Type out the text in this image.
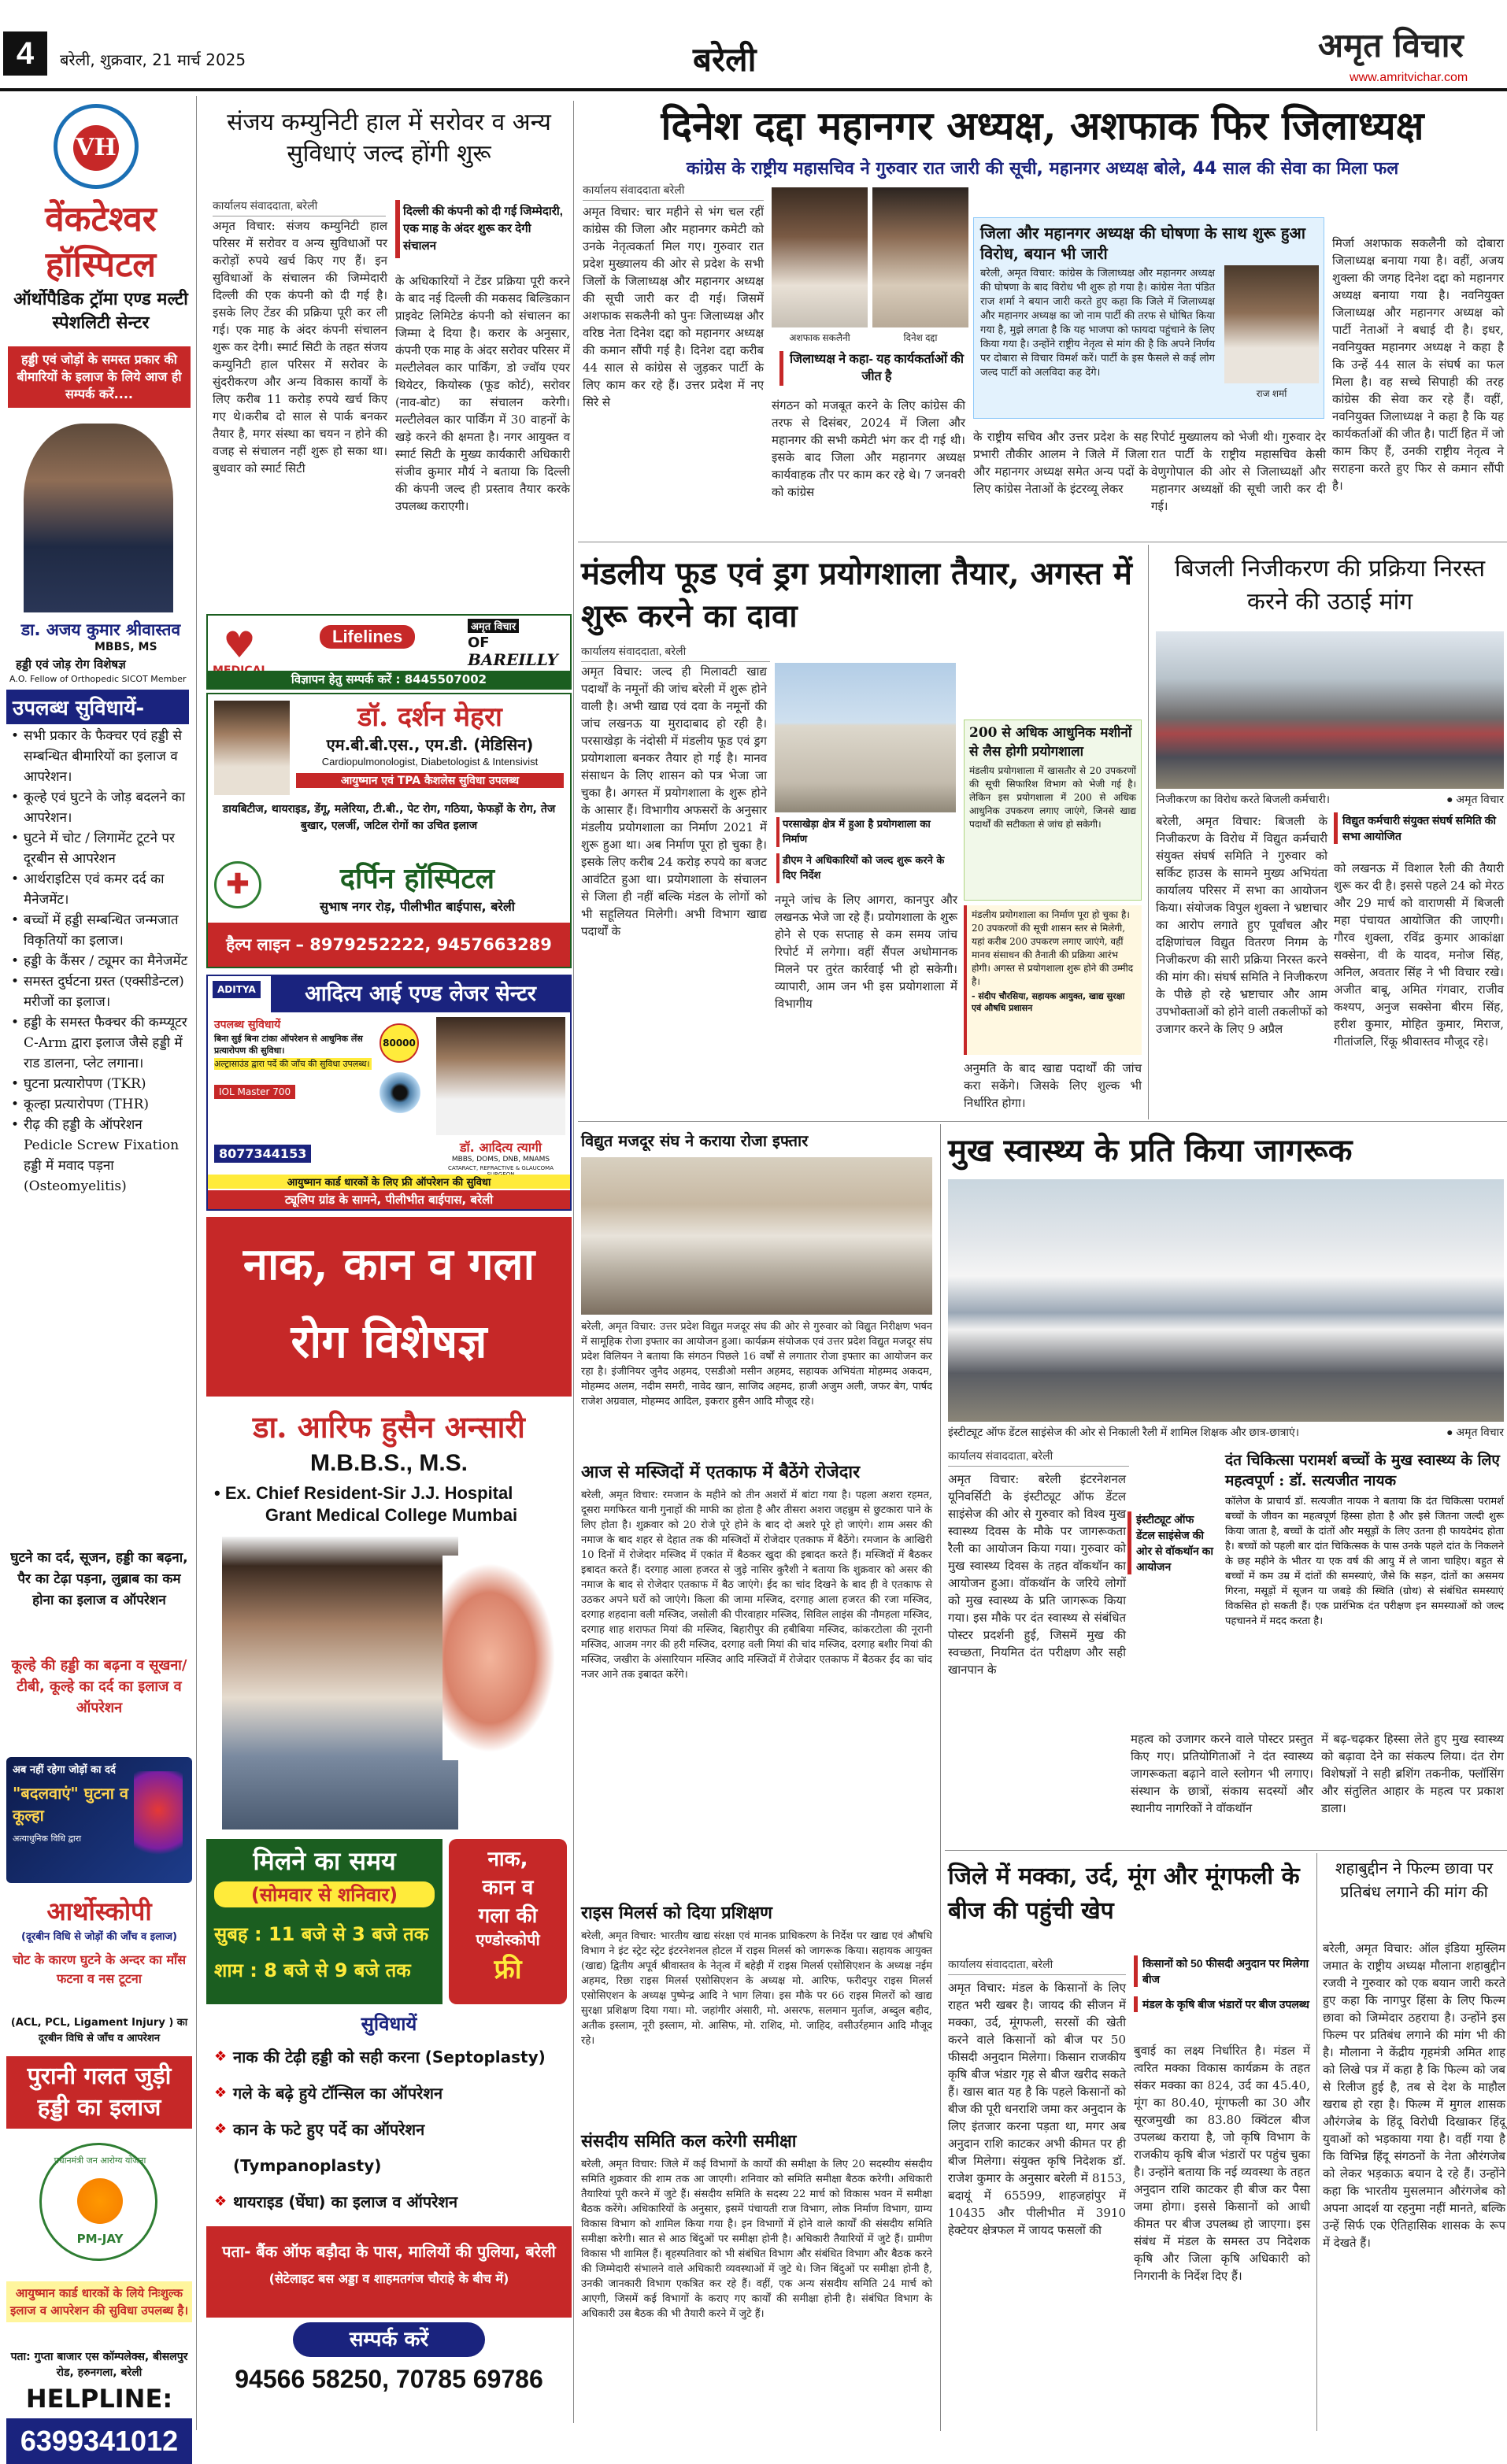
4	बरेली, शुक्रवार, 21 मार्च 2025	बरेली	अमृत विचार
www.amritvichar.com
VH
वेंकटेश्वर
हॉस्पिटल
ऑर्थोपैडिक ट्रॉमा एण्ड मल्टी स्पेशलिटी सेन्टर
हड्डी एवं जोड़ों के समस्त प्रकार की बीमारियों के इलाज के लिये आज ही सम्पर्क करें....
डा. अजय कुमार श्रीवास्तव
MBBS, MS
हड्डी एवं जोड़ रोग विशेषज्ञ
A.O. Fellow of Orthopedic SICOT Member
उपलब्ध सुविधायें-
• सभी प्रकार के फैक्चर एवं हड्डी से सम्बन्धित बीमारियों का इलाज व आपरेशन।
• कूल्हे एवं घुटने के जोड़ बदलने का आपरेशन।
• घुटने में चोट / लिगामेंट टूटने पर दूरबीन से आपरेशन
• आर्थराइटिस एवं कमर दर्द का मैनेजमेंट।
• बच्चों में हड्डी सम्बन्धित जन्मजात विकृतियों का इलाज।
• हड्डी के कैंसर / ट्यूमर का मैनेजमेंट
• समस्त दुर्घटना ग्रस्त (एक्सीडेन्टल) मरीजों का इलाज।
• हड्डी के समस्त फैक्चर की कम्प्यूटर C-Arm द्वारा इलाज जैसे हड्डी में राड डालना, प्लेट लगाना।
• घुटना प्रत्यारोपण (TKR)
• कूल्हा प्रत्यारोपण (THR)
• रीढ़ की हड्डी के ऑपरेशन Pedicle Screw Fixation हड्डी में मवाद पड़ना (Osteomyelitis)
घुटने का दर्द, सूजन, हड्डी का बढ़ना, पैर का टेढ़ा पड़ना, लुब्राब का कम होना का इलाज व ऑपरेशन
कूल्हे की हड्डी का बढ़ना व सूखना/ टीबी, कूल्हे का दर्द का इलाज व ऑपरेशन
अब नहीं रहेगा जोड़ों का दर्द
"बदलवाएं" घुटना व कूल्हा
अत्याधुनिक विधि द्वारा
आर्थोस्कोपी
(दूरबीन विधि से जोड़ों की जाँच व इलाज)
चोट के कारण घुटने के अन्दर का माँस फटना व नस टूटना
(ACL, PCL, Ligament Injury ) का दूरबीन विधि से जाँच व आपरेशन
पुरानी गलत जुड़ी हड्डी का इलाज
प्रधानमंत्री जन आरोग्य योजना
PM-JAY
आयुष्मान कार्ड धारकों के लिये निःशुल्क इलाज व आपरेशन की सुविधा उपलब्ध है।
पता: गुप्ता बाजार एस कॉम्पलेक्स, बीसलपुर रोड, हरुनगला, बरेली
HELPLINE:
6399341012
संजय कम्युनिटी हाल में सरोवर व अन्य सुविधाएं जल्द होंगी शुरू
कार्यालय संवाददाता, बरेली
अमृत विचार: संजय कम्युनिटी हाल परिसर में सरोवर व अन्य सुविधाओं पर करोड़ों रुपये खर्च किए गए हैं। इन सुविधाओं के संचालन की जिम्मेदारी दिल्ली की एक कंपनी को दी गई है। इसके लिए टेंडर की प्रक्रिया पूरी कर ली गई। एक माह के अंदर कंपनी संचालन शुरू कर देगी। स्मार्ट सिटी के तहत संजय कम्युनिटी हाल परिसर में सरोवर के सुंदरीकरण और अन्य विकास कार्यों के लिए करीब 11 करोड़ रुपये खर्च किए गए थे।करीब दो साल से पार्क बनकर तैयार है, मगर संस्था का चयन न होने की वजह से संचालन नहीं शुरू हो सका था। बुधवार को स्मार्ट सिटी
दिल्ली की कंपनी को दी गई जिम्मेदारी, एक माह के अंदर शुरू कर देगी संचालन
के अधिकारियों ने टेंडर प्रक्रिया पूरी करने के बाद नई दिल्ली की मकसद बिल्डिकान प्राइवेट लिमिटेड कंपनी को संचालन का जिम्मा दे दिया है। करार के अनुसार, कंपनी एक माह के अंदर सरोवर परिसर में मल्टीलेवल कार पार्किंग, डो ज्वॉय एयर थियेटर, कियोस्क (फूड कोर्ट), सरोवर (नाव-बोट) का संचालन करेगी। मल्टीलेवल कार पार्किंग में 30 वाहनों के खड़े करने की क्षमता है। नगर आयुक्त व स्मार्ट सिटी के मुख्य कार्यकारी अधिकारी संजीव कुमार मौर्य ने बताया कि दिल्ली की कंपनी जल्द ही प्रस्ताव तैयार करके उपलब्ध कराएगी।
दिनेश दद्दा महानगर अध्यक्ष, अशफाक फिर जिलाध्यक्ष
कांग्रेस के राष्ट्रीय महासचिव ने गुरुवार रात जारी की सूची, महानगर अध्यक्ष बोले, 44 साल की सेवा का मिला फल
कार्यालय संवाददाता बरेली
अमृत विचार: चार महीने से भंग चल रहीं कांग्रेस की जिला और महानगर कमेटी को उनके नेतृत्वकर्ता मिल गए। गुरुवार रात प्रदेश मुख्यालय की ओर से प्रदेश के सभी जिलों के जिलाध्यक्ष और महानगर अध्यक्ष की सूची जारी कर दी गई। जिसमें अशफाक सकलैनी को पुनः जिलाध्यक्ष और वरिष्ठ नेता दिनेश दद्दा को महानगर अध्यक्ष की कमान सौंपी गई है। दिनेश दद्दा करीब 44 साल से कांग्रेस से जुड़कर पार्टी के लिए काम कर रहे हैं। उत्तर प्रदेश में नए सिरे से
अशफाक सकलैनी	दिनेश दद्दा
जिलाध्यक्ष ने कहा- यह कार्यकर्ताओं की जीत है
संगठन को मजबूत करने के लिए कांग्रेस की तरफ से दिसंबर, 2024 में जिला और महानगर की सभी कमेटी भंग कर दी गई थी। इसके बाद जिला और महानगर अध्यक्ष कार्यवाहक तौर पर काम कर रहे थे। 7 जनवरी को कांग्रेस
जिला और महानगर अध्यक्ष की घोषणा के साथ शुरू हुआ विरोध, बयान भी जारी
बरेली, अमृत विचार: कांग्रेस के जिलाध्यक्ष और महानगर अध्यक्ष की घोषणा के बाद विरोध भी शुरू हो गया है। कांग्रेस नेता पंडित राज शर्मा ने बयान जारी करते हुए कहा कि जिले में जिलाध्यक्ष और महानगर अध्यक्ष का जो नाम पार्टी की तरफ से घोषित किया गया है, मुझे लगता है कि यह भाजपा को फायदा पहुंचाने के लिए किया गया है। उन्होंने राष्ट्रीय नेतृत्व से मांग की है कि अपने निर्णय पर दोबारा से विचार विमर्श करें। पार्टी के इस फैसले से कई लोग जल्द पार्टी को अलविदा कह देंगे।
राज शर्मा
के राष्ट्रीय सचिव और उत्तर प्रदेश के सह प्रभारी तौकीर आलम ने जिले में जिला और महानगर अध्यक्ष समेत अन्य पदों के लिए कांग्रेस नेताओं के इंटरव्यू लेकर
रिपोर्ट मुख्यालय को भेजी थी। गुरुवार देर रात पार्टी के राष्ट्रीय महासचिव केसी वेणुगोपाल की ओर से जिलाध्यक्षों और महानगर अध्यक्षों की सूची जारी कर दी गई।
मिर्जा अशफाक सकलैनी को दोबारा जिलाध्यक्ष बनाया गया है। वहीं, अजय शुक्ला की जगह दिनेश दद्दा को महानगर अध्यक्ष बनाया गया है। नवनियुक्त जिलाध्यक्ष और महानगर अध्यक्ष को पार्टी नेताओं ने बधाई दी है। इधर, नवनियुक्त महानगर अध्यक्ष ने कहा है कि उन्हें 44 साल के संघर्ष का फल मिला है। वह सच्चे सिपाही की तरह कांग्रेस की सेवा कर रहे हैं। वहीं, नवनियुक्त जिलाध्यक्ष ने कहा है कि यह कार्यकर्ताओं की जीत है। पार्टी हित में जो काम किए हैं, उनकी राष्ट्रीय नेतृत्व ने सराहना करते हुए फिर से कमान सौंपी है।
♥	Lifelines	अमृत विचार
OF
BAREILLY
विज्ञापन हेतु सम्पर्क करें : 8445507002
डॉ. दर्शन मेहरा
एम.बी.बी.एस., एम.डी. (मेडिसिन)
Cardiopulmonologist, Diabetologist & Intensivist
आयुष्मान एवं TPA कैशलेस सुविधा उपलब्ध
डायबिटीज, थायराइड, डेंगू, मलेरिया, टी.बी., पेट रोग, गठिया, फेफड़ों के रोग, तेज बुखार, एलर्जी, जटिल रोगों का उचित इलाज
✚	दर्पिन हॉस्पिटल
सुभाष नगर रोड़, पीलीभीत बाईपास, बरेली
हैल्प लाइन – 8979252222, 9457663289
ADITYA	आदित्य आई एण्ड लेजर सेन्टर
उपलब्ध सुविधायें
बिना सुई बिना टांका ऑपरेशन से आधुनिक लेंस प्रत्यारोपण की सुविधा।
अल्ट्रासाउंड द्वारा पर्दे की जाँच की सुविधा उपलब्ध।
IOL Master 700
80000
8077344153	डॉ. आदित्य त्यागी
MBBS, DOMS, DNB, MNAMS
CATARACT, REFRACTIVE & GLAUCOMA
आयुष्मान कार्ड धारकों के लिए फ्री ऑपरेशन की सुविधा
ट्यूलिप ग्रांड के सामने, पीलीभीत बाईपास, बरेली
नाक, कान व गला
रोग विशेषज्ञ
डा. आरिफ हुसैन अन्सारी
M.B.B.S., M.S.
• Ex. Chief Resident-Sir J.J. Hospital
Grant Medical College Mumbai
मिलने का समय
(सोमवार से शनिवार)
सुबह : 11 बजे से 3 बजे तक
शाम : 8 बजे से 9 बजे तक
नाक,
कान व
गला की
एण्डोस्कोपी
फ्री
सुविधायें
❖ नाक की टेढ़ी हड्डी को सही करना (Septoplasty)
❖ गले के बढ़े हुये टॉन्सिल का ऑपरेशन
❖ कान के फटे हुए पर्दे का ऑपरेशन (Tympanoplasty)
❖ थायराइड (घेंघा) का इलाज व ऑपरेशन
❖
पता- बैंक ऑफ बड़ौदा के पास, मालियों की पुलिया, बरेली
(सेटेलाइट बस अड्डा व शाहमतगंज चौराहे के बीच में)
सम्पर्क करें
94566 58250, 70785 69786
मंडलीय फूड एवं ड्रग प्रयोगशाला तैयार, अगस्त में शुरू करने का दावा
कार्यालय संवाददाता, बरेली
अमृत विचार: जल्द ही मिलावटी खाद्य पदार्थों के नमूनों की जांच बरेली में शुरू होने वाली है। अभी खाद्य एवं दवा के नमूनों की जांच लखनऊ या मुरादाबाद हो रही है। परसाखेड़ा के नंदोसी में मंडलीय फूड एवं ड्रग प्रयोगशाला बनकर तैयार हो गई है। मानव संसाधन के लिए शासन को पत्र भेजा जा चुका है। अगस्त में प्रयोगशाला के शुरू होने के आसार हैं। विभागीय अफसरों के अनुसार मंडलीय प्रयोगशाला का निर्माण 2021 में शुरू हुआ था। अब निर्माण पूरा हो चुका है। इसके लिए करीब 24 करोड़ रुपये का बजट आवंटित हुआ था। प्रयोगशाला के संचालन से जिला ही नहीं बल्कि मंडल के लोगों को भी सहूलियत मिलेगी। अभी विभाग खाद्य पदार्थों के
परसाखेड़ा क्षेत्र में हुआ है प्रयोगशाला का निर्माण
डीएम ने अधिकारियों को जल्द शुरू करने के दिए निर्देश
नमूने जांच के लिए आगरा, कानपुर और लखनऊ भेजे जा रहे हैं। प्रयोगशाला के शुरू होने से एक सप्ताह से कम समय जांच रिपोर्ट में लगेगा। वहीं सैंपल अधोमानक मिलने पर तुरंत कार्रवाई भी हो सकेगी। व्यापारी, आम जन भी इस प्रयोगशाला में विभागीय
200 से अधिक आधुनिक मशीनों से लैस होगी प्रयोगशाला
मंडलीय प्रयोगशाला में खासतौर से 20 उपकरणों की सूची सिफारिश विभाग को भेजी गई है। लेकिन इस प्रयोगशाला में 200 से अधिक आधुनिक उपकरण लगाए जाएंगे, जिनसे खाद्य पदार्थों की सटीकता से जांच हो सकेगी।
मंडलीय प्रयोगशाला का निर्माण पूरा हो चुका है। 20 उपकरणों की सूची शासन स्तर से मिलेगी, यहां करीब 200 उपकरण लगाए जाएंगे, वहीं मानव संसाधन की तैनाती की प्रक्रिया आरंभ होगी। अगस्त से प्रयोगशाला शुरू होने की उम्मीद है।
- संदीप चौरसिया, सहायक आयुक्त, खाद्य सुरक्षा एवं औषधि प्रशासन
अनुमति के बाद खाद्य पदार्थों की जांच करा सकेंगे। जिसके लिए शुल्क भी निर्धारित होगा।
बिजली निजीकरण की प्रक्रिया निरस्त करने की उठाई मांग
निजीकरण का विरोध करते बिजली कर्मचारी।	● अमृत विचार
बरेली, अमृत विचार: बिजली के निजीकरण के विरोध में विद्युत कर्मचारी संयुक्त संघर्ष समिति ने गुरुवार को सर्किट हाउस के सामने मुख्य अभियंता कार्यालय परिसर में सभा का आयोजन किया। संयोजक विपुल शुक्ला ने भ्रष्टाचार का आरोप लगाते हुए पूर्वांचल और दक्षिणांचल विद्युत वितरण निगम के निजीकरण की सारी प्रक्रिया निरस्त करने की मांग की। संघर्ष समिति ने निजीकरण के पीछे हो रहे भ्रष्टाचार और आम उपभोक्ताओं को होने वाली तकलीफों को उजागर करने के लिए 9 अप्रैल
विद्युत कर्मचारी संयुक्त संघर्ष समिति की सभा आयोजित
को लखनऊ में विशाल रैली की तैयारी शुरू कर दी है। इससे पहले 24 को मेरठ और 29 मार्च को वाराणसी में बिजली महा पंचायत आयोजित की जाएगी। गौरव शुक्ला, रविंद्र कुमार आकांक्षा सक्सेना, वी के यादव, मनोज सिंह, अनिल, अवतार सिंह ने भी विचार रखे। अजीत बाबू, अमित गंगवार, राजीव कश्यप, अनुज सक्सेना बीरम सिंह, हरीश कुमार, मोहित कुमार, मिराज, गीतांजलि, रिंकू श्रीवास्तव मौजूद रहे।
विद्युत मजदूर संघ ने कराया रोजा इफ्तार
बरेली, अमृत विचार: उत्तर प्रदेश विद्युत मजदूर संघ की ओर से गुरुवार को विद्युत निरीक्षण भवन में सामूहिक रोजा इफ्तार का आयोजन हुआ। कार्यक्रम संयोजक एवं उत्तर प्रदेश विद्युत मजदूर संघ प्रदेश विलियन ने बताया कि संगठन पिछले 16 वर्षों से लगातार रोजा इफ्तार का आयोजन कर रहा है। इंजीनियर जुनैद अहमद, एसडीओ मसीन अहमद, सहायक अभियंता मोहम्मद अकदम, मोहम्मद अलम, नदीम समरी, नावेद खान, साजिद अहमद, हाजी अजुम अली, जफर बेग, पार्षद राजेश अग्रवाल, मोहम्मद आदिल, इकरार हुसैन आदि मौजूद रहे।
आज से मस्जिदों में एतकाफ में बैठेंगे रोजेदार
बरेली, अमृत विचार: रमजान के महीने को तीन अशरों में बांटा गया है। पहला अशरा रहमत, दूसरा मगफिरत यानी गुनाहों की माफी का होता है और तीसरा अशरा जहन्नुम से छुटकारा पाने के लिए होता है। शुक्रवार को 20 रोजे पूरे होने के बाद दो अशरे पूरे हो जाएंगे। शाम असर की नमाज के बाद शहर से देहात तक की मस्जिदों में रोजेदार एतकाफ में बैठेंगे। रमजान के आखिरी 10 दिनों में रोजेदार मस्जिद में एकांत में बैठकर खुदा की इबादत करते हैं। मस्जिदों में बैठकर इबादत करते हैं। दरगाह आला हजरत से जुड़े नासिर कुरैशी ने बताया कि शुक्रवार को असर की नमाज के बाद से रोजेदार एतकाफ में बैठ जाएंगे। ईद का चांद दिखने के बाद ही वे एतकाफ से उठकर अपने घरों को जाएंगे। किला की जामा मस्जिद, दरगाह आला हजरत की रजा मस्जिद, दरगाह शहदाना वली मस्जिद, जसोली की पीरवाहार मस्जिद, सिविल लाइंस की नौमहला मस्जिद, दरगाह शाह शराफत मियां की मस्जिद, बिहारीपुर की हबीबिया मस्जिद, कांकरटोला की नूरानी मस्जिद, आजम नगर की हरी मस्जिद, दरगाह वली मियां की चांद मस्जिद, दरगाह बशीर मियां की मस्जिद, जखीरा के अंसारियान मस्जिद आदि मस्जिदों में रोजेदार एतकाफ में बैठकर ईद का चांद नजर आने तक इबादत करेंगे।
राइस मिलर्स को दिया प्रशिक्षण
बरेली, अमृत विचार: भारतीय खाद्य संरक्षा एवं मानक प्राधिकरण के निर्देश पर खाद्य एवं औषधि विभाग ने इंट स्ट्रेट स्ट्रेट इंटरनेशनल होटल में राइस मिलर्स को जागरूक किया। सहायक आयुक्त (खाद्य) द्वितीय अपूर्व श्रीवास्तव के नेतृत्व में बहेड़ी में राइस मिलर्स एसोसिएशन के अध्यक्ष नईम अहमद, रिछा राइस मिलर्स एसोसिएशन के अध्यक्ष मो. आरिफ, फरीदपुर राइस मिलर्स एसोसिएशन के अध्यक्ष पुष्पेन्द्र आदि ने भाग लिया। इस मौके पर 66 राइस मिलरों को खाद्य सुरक्षा प्रशिक्षण दिया गया। मो. जहांगीर अंसारी, मो. असरफ, सलमान मुर्ताज, अब्दुल बहीद, अतीक इस्लाम, नूरी इस्लाम, मो. आसिफ, मो. राशिद, मो. जाहिद, वसीउर्रहमान आदि मौजूद रहे।
संसदीय समिति कल करेगी समीक्षा
बरेली, अमृत विचार: जिले में कई विभागों के कार्यों की समीक्षा के लिए 20 सदस्यीय संसदीय समिति शुक्रवार की शाम तक आ जाएगी। शनिवार को समिति समीक्षा बैठक करेगी। अधिकारी तैयारियां पूरी करने में जुटे हैं। संसदीय समिति के सदस्य 22 मार्च को विकास भवन में समीक्षा बैठक करेंगे। अधिकारियों के अनुसार, इसमें पंचायती राज विभाग, लोक निर्माण विभाग, ग्राम्य विकास विभाग को शामिल किया गया है। इन विभागों में होने वाले कार्यों की संसदीय समिति समीक्षा करेगी। सात से आठ बिंदुओं पर समीक्षा होनी है। अधिकारी तैयारियों में जुटे हैं। ग्रामीण विकास भी शामिल हैं। बृहस्पतिवार को भी संबंधित विभाग और संबंधित विभाग और बैठक करने की जिम्मेदारी संभालने वाले अधिकारी व्यवस्थाओं में जुटे थे। जिन बिंदुओं पर समीक्षा होनी है, उनकी जानकारी विभाग एकत्रित कर रहे हैं। वहीं, एक अन्य संसदीय समिति 24 मार्च को आएगी, जिसमें कई विभागों के कराए गए कार्यों की समीक्षा होनी है। संबंधित विभाग के अधिकारी उस बैठक की भी तैयारी करने में जुटे हैं।
मुख स्वास्थ्य के प्रति किया जागरूक
इंस्टीट्यूट ऑफ डेंटल साइंसेज की ओर से निकाली रैली में शामिल शिक्षक और छात्र-छात्राएं।	● अमृत विचार
कार्यालय संवाददाता, बरेली
अमृत विचार: बरेली इंटरनेशनल यूनिवर्सिटी के इंस्टीट्यूट ऑफ डेंटल साइंसेज की ओर से गुरुवार को विश्व मुख स्वास्थ्य दिवस के मौके पर जागरूकता रैली का आयोजन किया गया। गुरुवार को मुख स्वास्थ्य दिवस के तहत वॉकथॉन का आयोजन हुआ। वॉकथॉन के जरिये लोगों को मुख स्वास्थ्य के प्रति जागरूक किया गया। इस मौके पर दंत स्वास्थ्य से संबंधित पोस्टर प्रदर्शनी हुई, जिसमें मुख की स्वच्छता, नियमित दंत परीक्षण और सही खानपान के
इंस्टीट्यूट ऑफ डेंटल साइंसेज की ओर से वॉकथॉन का आयोजन
दंत चिकित्सा परामर्श बच्चों के मुख स्वास्थ्य के लिए महत्वपूर्ण : डॉ. सत्यजीत नायक
कॉलेज के प्राचार्य डॉ. सत्यजीत नायक ने बताया कि दंत चिकित्सा परामर्श बच्चों के जीवन का महत्वपूर्ण हिस्सा होता है और इसे जितना जल्दी शुरू किया जाता है, बच्चों के दांतों और मसूड़ों के लिए उतना ही फायदेमंद होता है। बच्चों को पहली बार दांत चिकित्सक के पास उनके पहले दांत के निकलने के छह महीने के भीतर या एक वर्ष की आयु में ले जाना चाहिए। बहुत से बच्चों में कम उम्र में दांतों की समस्याएं, जैसे कि सड़न, दांतों का असमय गिरना, मसूड़ों में सूजन या जबड़े की स्थिति (ग्रोथ) से संबंधित समस्याएं विकसित हो सकती हैं। एक प्रारंभिक दंत परीक्षण इन समस्याओं को जल्द पहचानने में मदद करता है।
महत्व को उजागर करने वाले पोस्टर प्रस्तुत किए गए। प्रतियोगिताओं ने दंत स्वास्थ्य जागरूकता बढ़ाने वाले स्लोगन भी लगाए। संस्थान के छात्रों, संकाय सदस्यों और स्थानीय नागरिकों ने वॉकथॉन
में बढ़-चढ़कर हिस्सा लेते हुए मुख स्वास्थ्य को बढ़ावा देने का संकल्प लिया। दंत रोग विशेषज्ञों ने सही ब्रशिंग तकनीक, फ्लॉसिंग और संतुलित आहार के महत्व पर प्रकाश डाला।
जिले में मक्का, उर्द, मूंग और मूंगफली के बीज की पहुंची खेप
कार्यालय संवाददाता, बरेली
अमृत विचार: मंडल के किसानों के लिए राहत भरी खबर है। जायद की सीजन में मक्का, उर्द, मूंगफली, सरसों की खेती करने वाले किसानों को बीज पर 50 फीसदी अनुदान मिलेगा। किसान राजकीय कृषि बीज भंडार गृह से बीज खरीद सकते हैं। खास बात यह है कि पहले किसानों को बीज की पूरी धनराशि जमा कर अनुदान के लिए इंतजार करना पड़ता था, मगर अब अनुदान राशि काटकर अभी कीमत पर ही बीज मिलेगा। संयुक्त कृषि निदेशक डॉ. राजेश कुमार के अनुसार बरेली में 8153, बदायूं में 65599, शाहजहांपुर में 10435 और पीलीभीत में 3910 हेक्टेयर क्षेत्रफल में जायद फसलों की
किसानों को 50 फीसदी अनुदान पर मिलेगा बीज
मंडल के कृषि बीज भंडारों पर बीज उपलब्ध
बुवाई का लक्ष्य निर्धारित है। मंडल में त्वरित मक्का विकास कार्यक्रम के तहत संकर मक्का का 824, उर्द का 45.40, मूंग का 80.40, मूंगफली का 30 और सूरजमुखी का 83.80 क्विंटल बीज उपलब्ध कराया है, जो कृषि विभाग के राजकीय कृषि बीज भंडारों पर पहुंच चुका है। उन्होंने बताया कि नई व्यवस्था के तहत अनुदान राशि काटकर ही बीज कर पैसा जमा होगा। इससे किसानों को आधी कीमत पर बीज उपलब्ध हो जाएगा। इस संबंध में मंडल के समस्त उप निदेशक कृषि और जिला कृषि अधिकारी को निगरानी के निर्देश दिए हैं।
शहाबुद्दीन ने फिल्म छावा पर प्रतिबंध लगाने की मांग की
बरेली, अमृत विचार: ऑल इंडिया मुस्लिम जमात के राष्ट्रीय अध्यक्ष मौलाना शहाबुद्दीन रजवी ने गुरुवार को एक बयान जारी करते हुए कहा कि नागपुर हिंसा के लिए फिल्म छावा को जिम्मेदार ठहराया है। उन्होंने इस फिल्म पर प्रतिबंध लगाने की मांग भी की है। मौलाना ने केंद्रीय गृहमंत्री अमित शाह को लिखे पत्र में कहा है कि फिल्म को जब से रिलीज हुई है, तब से देश के माहौल खराब हो रहा है। फिल्म में मुगल शासक औरंगजेब के हिंदू विरोधी दिखाकर हिंदू युवाओं को भड़काया गया है। वहीं गया है कि विभिन्न हिंदू संगठनों के नेता औरंगजेब को लेकर भड़काऊ बयान दे रहे हैं। उन्होंने कहा कि भारतीय मुसलमान औरंगजेब को अपना आदर्श या रहनुमा नहीं मानते, बल्कि उन्हें सिर्फ एक ऐतिहासिक शासक के रूप में देखते हैं।
